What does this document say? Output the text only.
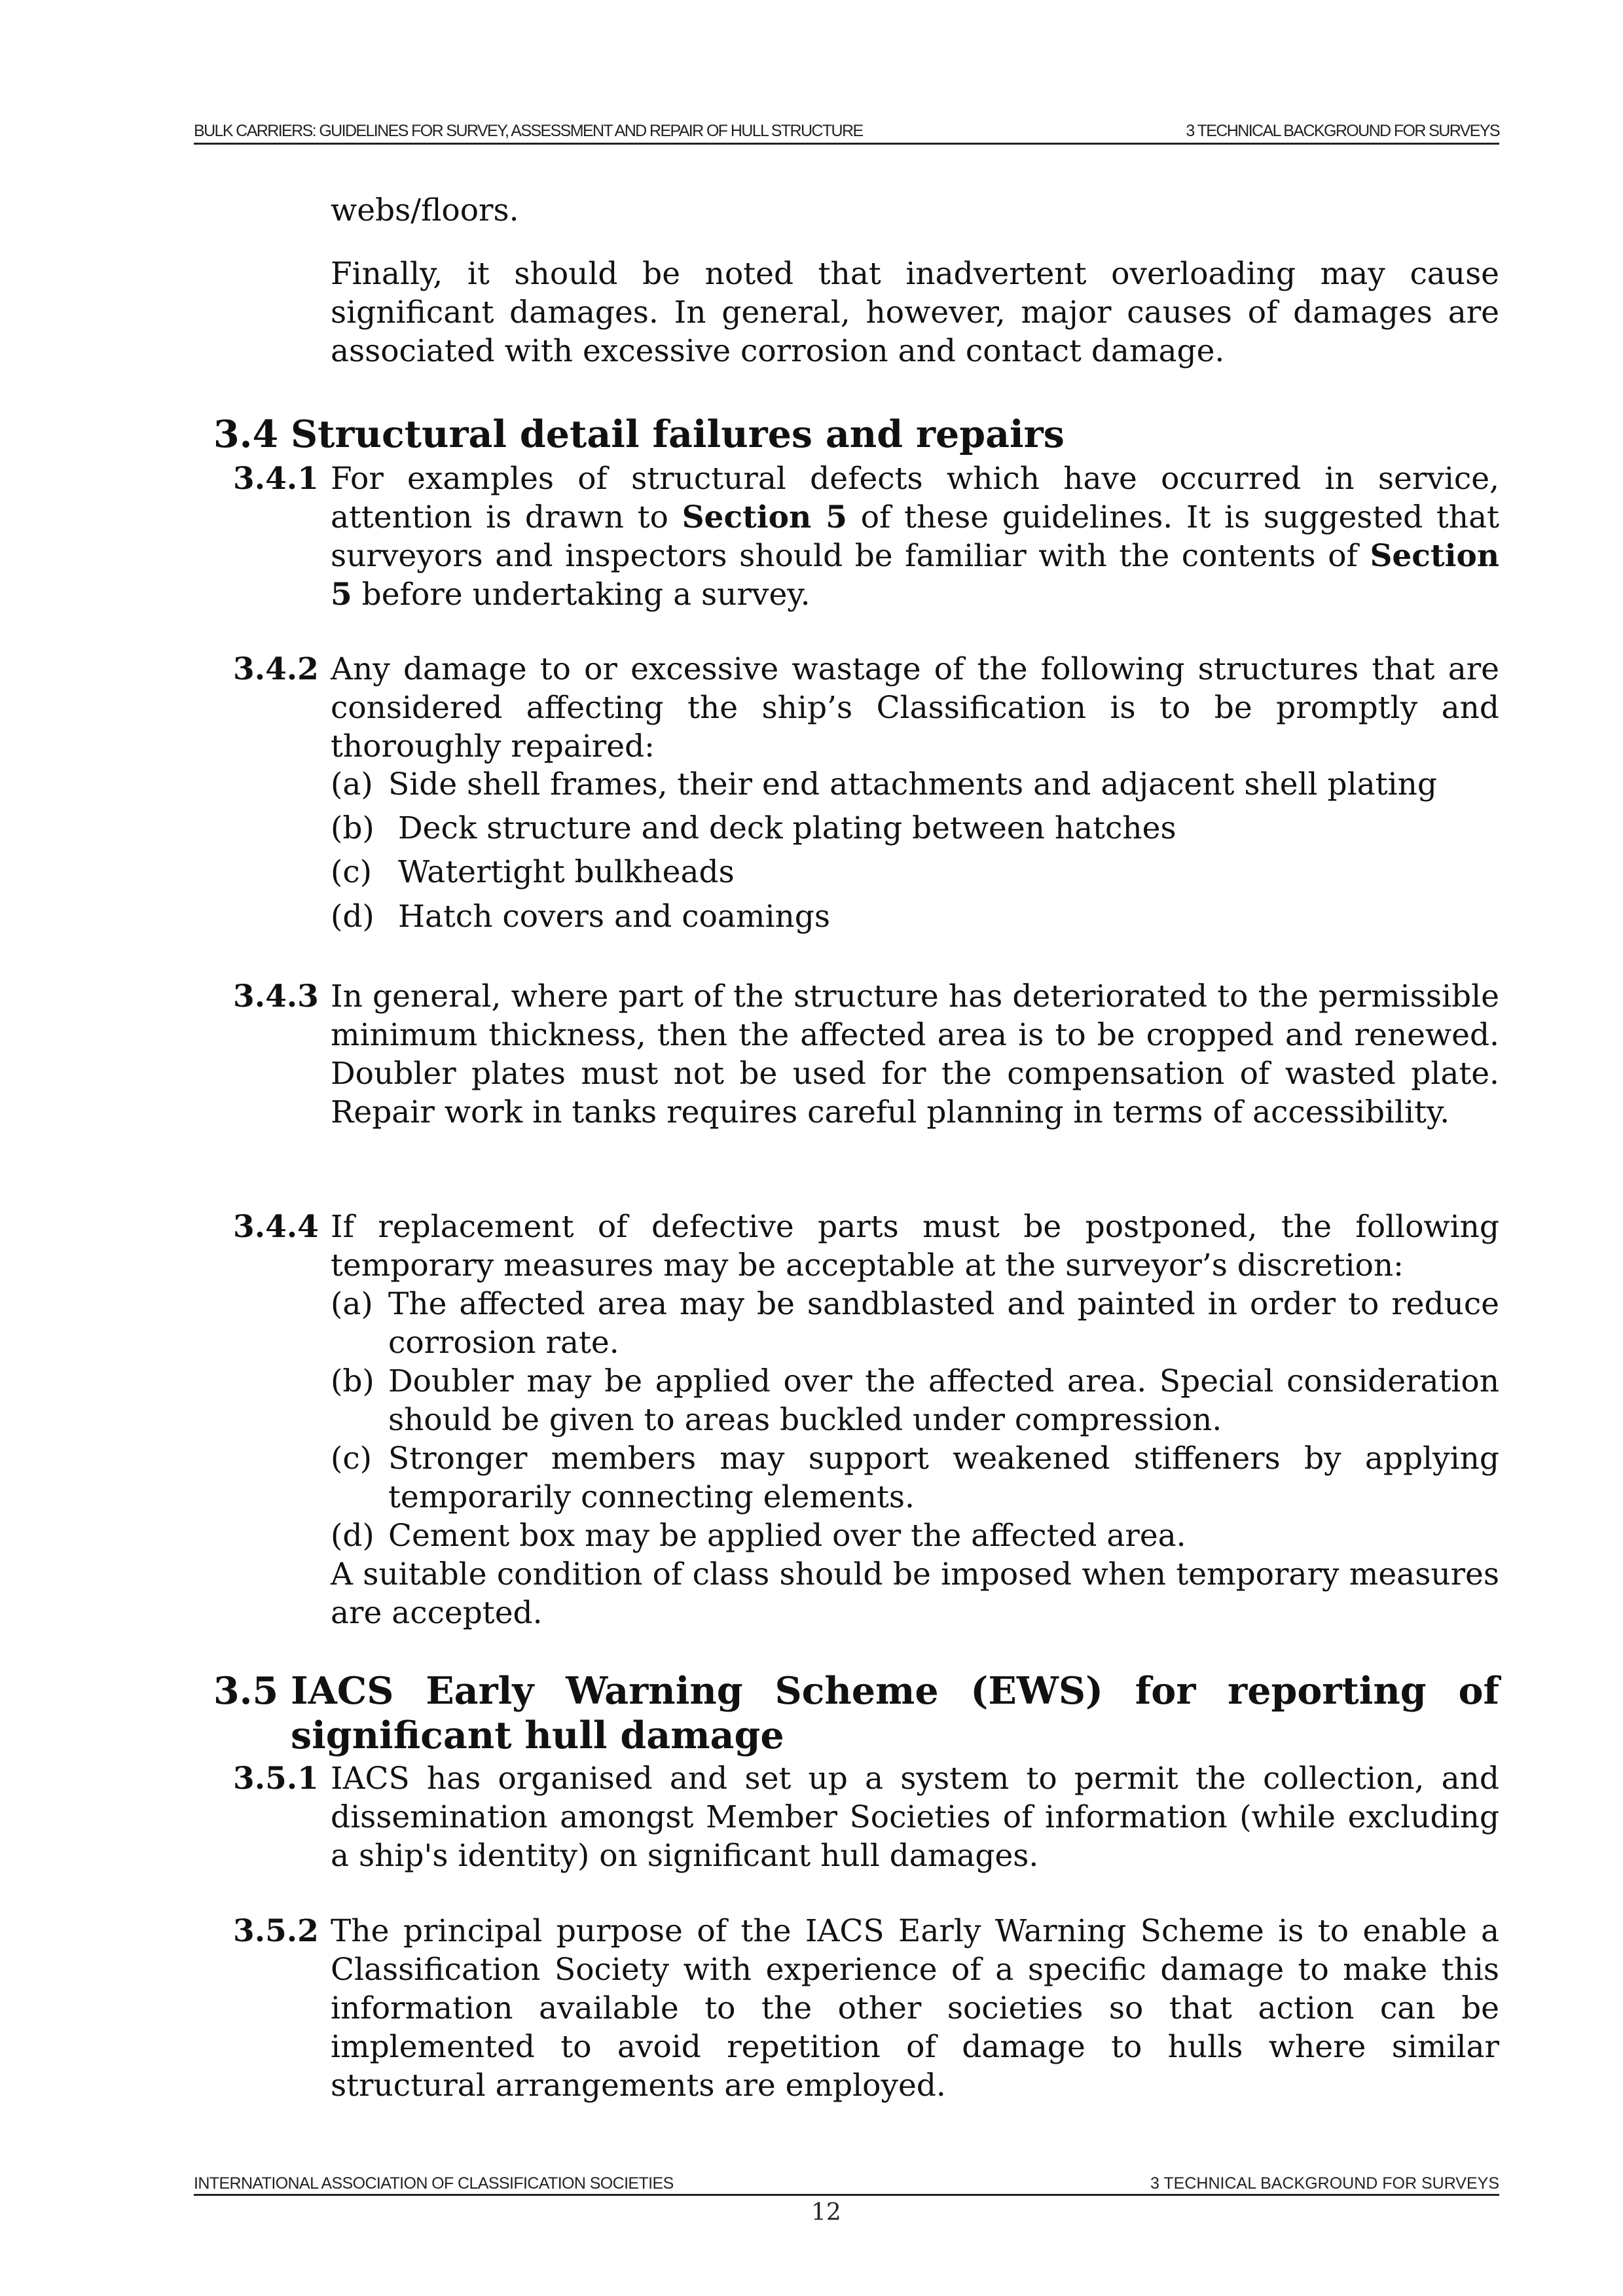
BULK CARRIERS: GUIDELINES FOR SURVEY, ASSESSMENT AND REPAIR OF HULL STRUCTURE	3 TECHNICAL BACKGROUND FOR SURVEYS

webs/floors.

Finally, it should be noted that inadvertent overloading may cause significant damages. In general, however, major causes of damages are associated with excessive corrosion and contact damage.

3.4 Structural detail failures and repairs
3.4.1 For examples of structural defects which have occurred in service, attention is drawn to Section 5 of these guidelines. It is suggested that surveyors and inspectors should be familiar with the contents of Section 5 before undertaking a survey.
3.4.2 Any damage to or excessive wastage of the following structures that are considered affecting the ship’s Classification is to be promptly and thoroughly repaired:
(a) Side shell frames, their end attachments and adjacent shell plating
(b) Deck structure and deck plating between hatches
(c) Watertight bulkheads
(d) Hatch covers and coamings
3.4.3 In general, where part of the structure has deteriorated to the permissible minimum thickness, then the affected area is to be cropped and renewed. Doubler plates must not be used for the compensation of wasted plate. Repair work in tanks requires careful planning in terms of accessibility.
3.4.4 If replacement of defective parts must be postponed, the following temporary measures may be acceptable at the surveyor’s discretion:
(a) The affected area may be sandblasted and painted in order to reduce corrosion rate.
(b) Doubler may be applied over the affected area. Special consideration should be given to areas buckled under compression.
(c) Stronger members may support weakened stiffeners by applying temporarily connecting elements.
(d) Cement box may be applied over the affected area.

A suitable condition of class should be imposed when temporary measures are accepted.

3.5 IACS Early Warning Scheme (EWS) for reporting of significant hull damage
3.5.1 IACS has organised and set up a system to permit the collection, and dissemination amongst Member Societies of information (while excluding a ship's identity) on significant hull damages.
3.5.2 The principal purpose of the IACS Early Warning Scheme is to enable a Classification Society with experience of a specific damage to make this information available to the other societies so that action can be implemented to avoid repetition of damage to hulls where similar structural arrangements are employed.
INTERNATIONAL ASSOCIATION OF CLASSIFICATION SOCIETIES	3 TECHNICAL BACKGROUND FOR SURVEYS
12
